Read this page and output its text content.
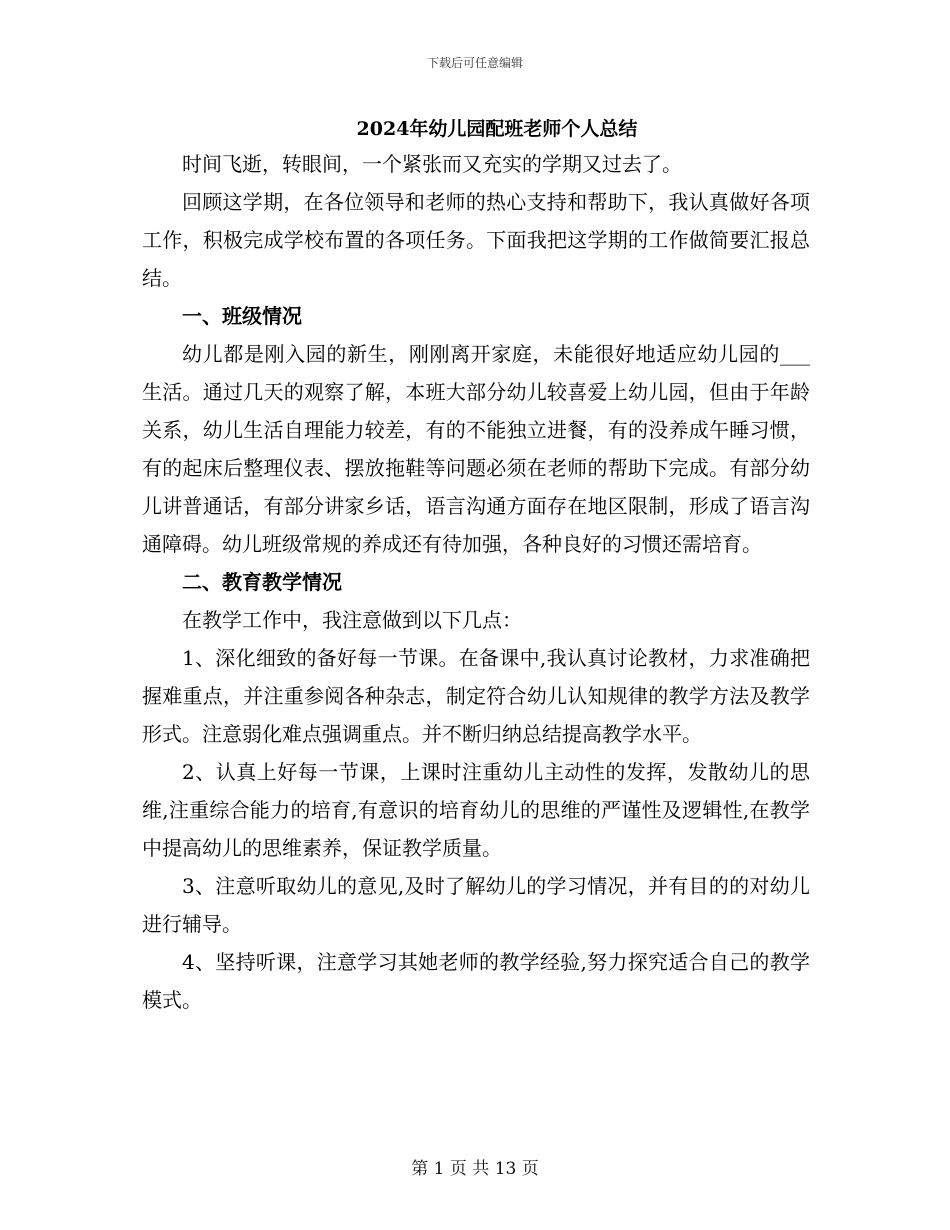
下载后可任意编辑
2024年幼儿园配班老师个人总结

时间飞逝，转眼间，一个紧张而又充实的学期又过去了。

回顾这学期，在各位领导和老师的热心支持和帮助下，我认真做好各项工作，积极完成学校布置的各项任务。下面我把这学期的工作做简要汇报总结。

一、班级情况

幼儿都是刚入园的新生，刚刚离开家庭，未能很好地适应幼儿园的___生活。通过几天的观察了解，本班大部分幼儿较喜爱上幼儿园，但由于年龄关系，幼儿生活自理能力较差，有的不能独立进餐，有的没养成午睡习惯，有的起床后整理仪表、摆放拖鞋等问题必须在老师的帮助下完成。有部分幼儿讲普通话，有部分讲家乡话，语言沟通方面存在地区限制，形成了语言沟通障碍。幼儿班级常规的养成还有待加强，各种良好的习惯还需培育。

二、教育教学情况

在教学工作中，我注意做到以下几点：

1、深化细致的备好每一节课。在备课中,我认真讨论教材，力求准确把握难重点，并注重参阅各种杂志，制定符合幼儿认知规律的教学方法及教学形式。注意弱化难点强调重点。并不断归纳总结提高教学水平。

2、认真上好每一节课，上课时注重幼儿主动性的发挥，发散幼儿的思维,注重综合能力的培育,有意识的培育幼儿的思维的严谨性及逻辑性,在教学中提高幼儿的思维素养，保证教学质量。

3、注意听取幼儿的意见,及时了解幼儿的学习情况，并有目的的对幼儿进行辅导。

4、坚持听课，注意学习其她老师的教学经验,努力探究适合自己的教学模式。

第 1 页 共 13 页
